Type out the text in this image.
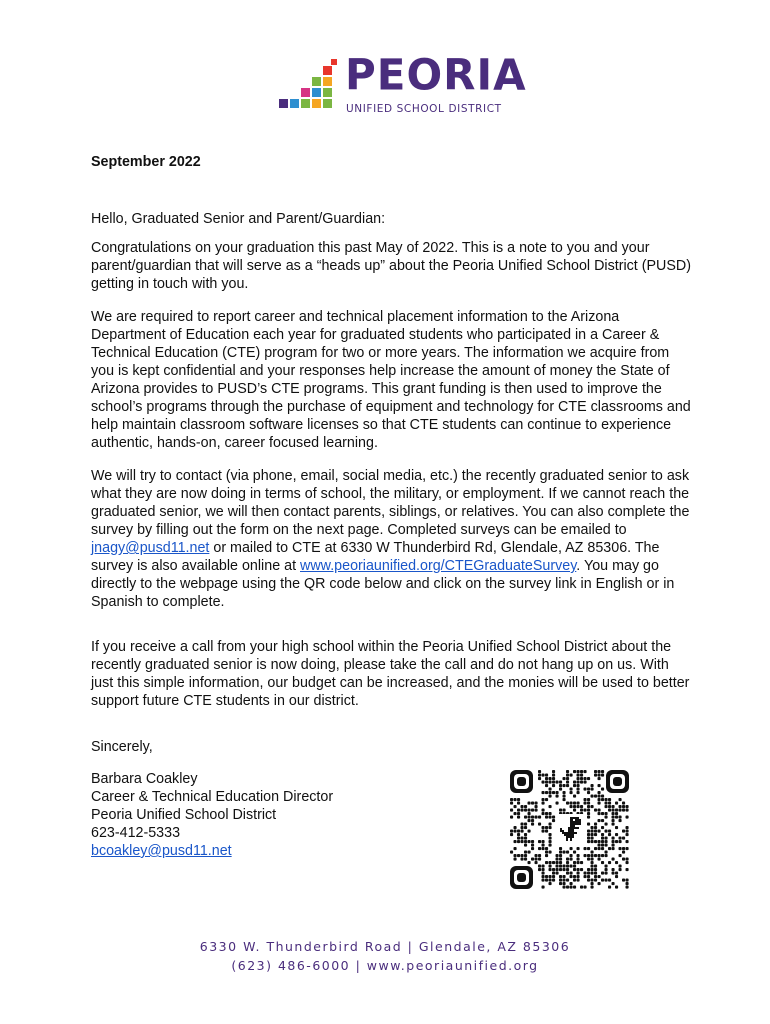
PEORIA
UNIFIED SCHOOL DISTRICT

September 2022

Hello, Graduated Senior and Parent/Guardian:

Congratulations on your graduation this past May of 2022. This is a note to you and your parent/guardian that will serve as a “heads up” about the Peoria Unified School District (PUSD) getting in touch with you.

We are required to report career and technical placement information to the Arizona Department of Education each year for graduated students who participated in a Career & Technical Education (CTE) program for two or more years. The information we acquire from you is kept confidential and your responses help increase the amount of money the State of Arizona provides to PUSD’s CTE programs. This grant funding is then used to improve the school’s programs through the purchase of equipment and technology for CTE classrooms and help maintain classroom software licenses so that CTE students can continue to experience authentic, hands-on, career focused learning.

We will try to contact (via phone, email, social media, etc.) the recently graduated senior to ask what they are now doing in terms of school, the military, or employment. If we cannot reach the graduated senior, we will then contact parents, siblings, or relatives. You can also complete the survey by filling out the form on the next page. Completed surveys can be emailed to jnagy@pusd11.net or mailed to CTE at 6330 W Thunderbird Rd, Glendale, AZ 85306. The survey is also available online at www.peoriaunified.org/CTEGraduateSurvey. You may go directly to the webpage using the QR code below and click on the survey link in English or in Spanish to complete.

If you receive a call from your high school within the Peoria Unified School District about the recently graduated senior is now doing, please take the call and do not hang up on us. With just this simple information, our budget can be increased, and the monies will be used to better support future CTE students in our district.

Sincerely,

Barbara Coakley
Career & Technical Education Director
Peoria Unified School District
623-412-5333
bcoakley@pusd11.net
6330 W. Thunderbird Road | Glendale, AZ 85306
(623) 486-6000 | www.peoriaunified.org
